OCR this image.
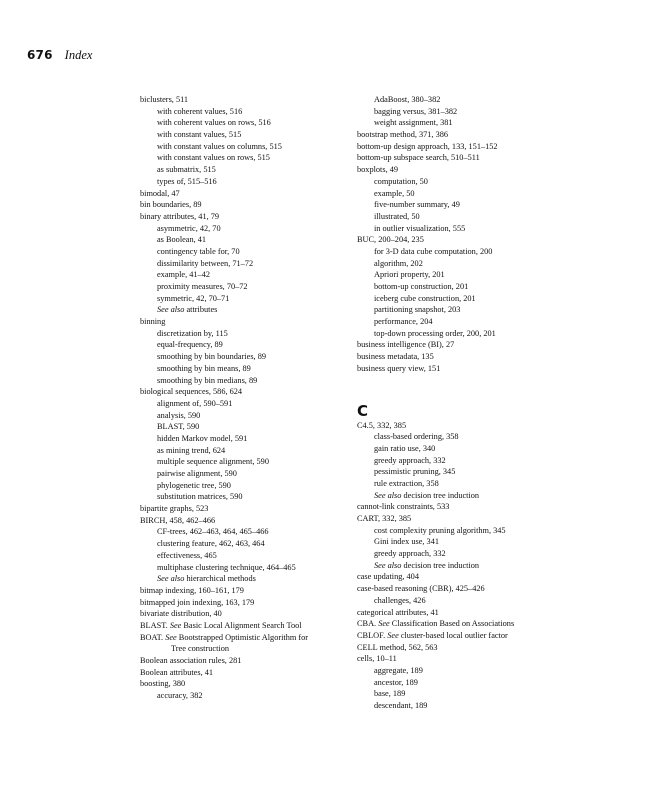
676 Index
biclusters, 511
with coherent values, 516
with coherent values on rows, 516
with constant values, 515
with constant values on columns, 515
with constant values on rows, 515
as submatrix, 515
types of, 515–516
bimodal, 47
bin boundaries, 89
binary attributes, 41, 79
asymmetric, 42, 70
as Boolean, 41
contingency table for, 70
dissimilarity between, 71–72
example, 41–42
proximity measures, 70–72
symmetric, 42, 70–71
See also attributes
binning
discretization by, 115
equal-frequency, 89
smoothing by bin boundaries, 89
smoothing by bin means, 89
smoothing by bin medians, 89
biological sequences, 586, 624
alignment of, 590–591
analysis, 590
BLAST, 590
hidden Markov model, 591
as mining trend, 624
multiple sequence alignment, 590
pairwise alignment, 590
phylogenetic tree, 590
substitution matrices, 590
bipartite graphs, 523
BIRCH, 458, 462–466
CF-trees, 462–463, 464, 465–466
clustering feature, 462, 463, 464
effectiveness, 465
multiphase clustering technique, 464–465
See also hierarchical methods
bitmap indexing, 160–161, 179
bitmapped join indexing, 163, 179
bivariate distribution, 40
BLAST. See Basic Local Alignment Search Tool
BOAT. See Bootstrapped Optimistic Algorithm for
Tree construction
Boolean association rules, 281
Boolean attributes, 41
boosting, 380
accuracy, 382
AdaBoost, 380–382
bagging versus, 381–382
weight assignment, 381
bootstrap method, 371, 386
bottom-up design approach, 133, 151–152
bottom-up subspace search, 510–511
boxplots, 49
computation, 50
example, 50
five-number summary, 49
illustrated, 50
in outlier visualization, 555
BUC, 200–204, 235
for 3-D data cube computation, 200
algorithm, 202
Apriori property, 201
bottom-up construction, 201
iceberg cube construction, 201
partitioning snapshot, 203
performance, 204
top-down processing order, 200, 201
business intelligence (BI), 27
business metadata, 135
business query view, 151
C
C4.5, 332, 385
class-based ordering, 358
gain ratio use, 340
greedy approach, 332
pessimistic pruning, 345
rule extraction, 358
See also decision tree induction
cannot-link constraints, 533
CART, 332, 385
cost complexity pruning algorithm, 345
Gini index use, 341
greedy approach, 332
See also decision tree induction
case updating, 404
case-based reasoning (CBR), 425–426
challenges, 426
categorical attributes, 41
CBA. See Classification Based on Associations
CBLOF. See cluster-based local outlier factor
CELL method, 562, 563
cells, 10–11
aggregate, 189
ancestor, 189
base, 189
descendant, 189
